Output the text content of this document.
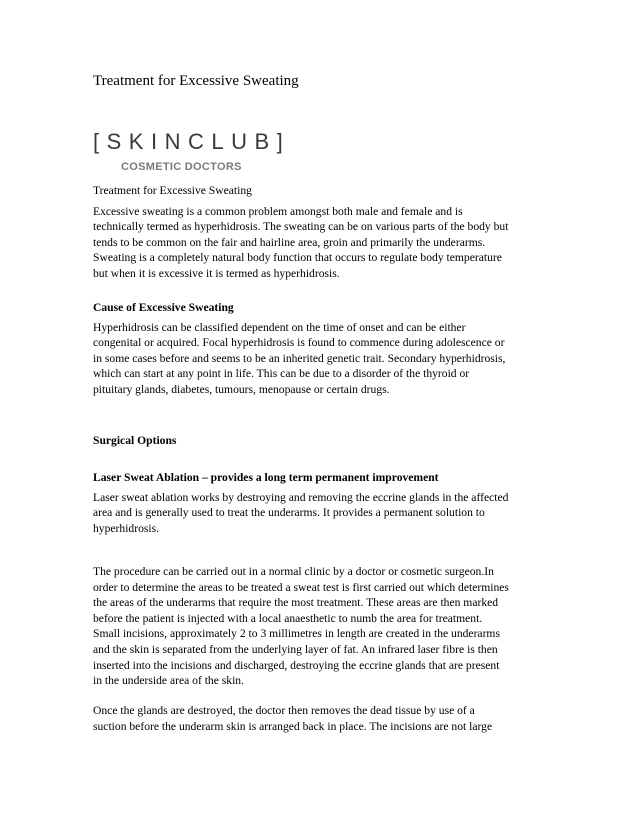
Treatment for Excessive Sweating
[SKINCLUB]
COSMETIC DOCTORS

Treatment for Excessive Sweating

Excessive sweating is a common problem amongst both male and female and is
technically termed as hyperhidrosis. The sweating can be on various parts of the body but
tends to be common on the fair and hairline area, groin and primarily the underarms.
Sweating is a completely natural body function that occurs to regulate body temperature
but when it is excessive it is termed as hyperhidrosis.

Cause of Excessive Sweating

Hyperhidrosis can be classified dependent on the time of onset and can be either
congenital or acquired. Focal hyperhidrosis is found to commence during adolescence or
in some cases before and seems to be an inherited genetic trait. Secondary hyperhidrosis,
which can start at any point in life. This can be due to a disorder of the thyroid or
pituitary glands, diabetes, tumours, menopause or certain drugs.

Surgical Options

Laser Sweat Ablation – provides a long term permanent improvement

Laser sweat ablation works by destroying and removing the eccrine glands in the affected
area and is generally used to treat the underarms. It provides a permanent solution to
hyperhidrosis.
The procedure can be carried out in a normal clinic by a doctor or cosmetic surgeon.In
order to determine the areas to be treated a sweat test is first carried out which determines
the areas of the underarms that require the most treatment. These areas are then marked
before the patient is injected with a local anaesthetic to numb the area for treatment.
Small incisions, approximately 2 to 3 millimetres in length are created in the underarms
and the skin is separated from the underlying layer of fat. An infrared laser fibre is then
inserted into the incisions and discharged, destroying the eccrine glands that are present
in the underside area of the skin.
Once the glands are destroyed, the doctor then removes the dead tissue by use of a
suction before the underarm skin is arranged back in place. The incisions are not large
